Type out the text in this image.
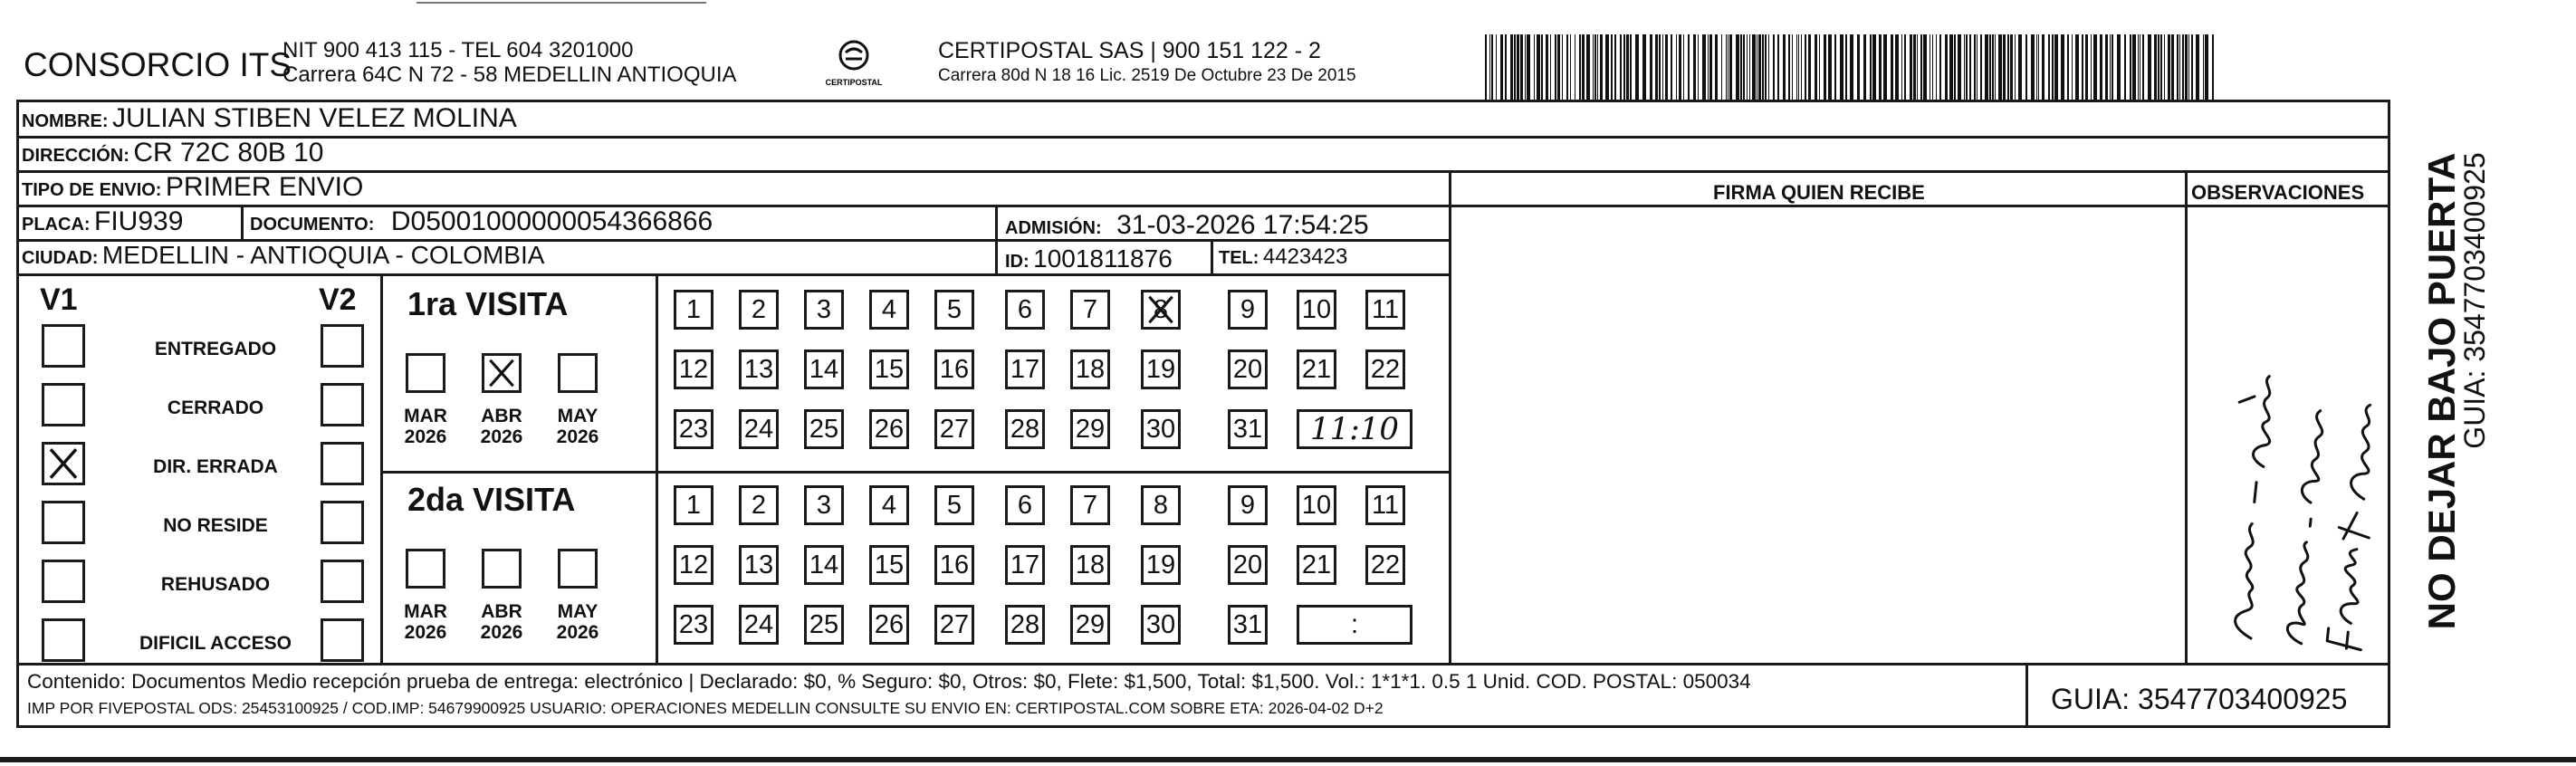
CONSORCIO ITS
NIT 900 413 115 - TEL 604 3201000
Carrera 64C N 72 - 58 MEDELLIN ANTIOQUIA	CERTIPOSTAL
CERTIPOSTAL SAS | 900 151 122 - 2
Carrera 80d N 18 16 Lic. 2519 De Octubre 23 De 2015
NOMBRE: JULIAN STIBEN VELEZ MOLINA
DIRECCIÓN: CR 72C 80B 10
TIPO DE ENVIO: PRIMER ENVIO
PLACA: FIU939	DOCUMENTO: D05001000000054366866	ADMISIÓN: 31-03-2026 17:54:25
CIUDAD: MEDELLIN - ANTIOQUIA - COLOMBIA	ID: 1001811876	TEL: 4423423
FIRMA QUIEN RECIBE	OBSERVACIONES
V1	V2
ENTREGADO
CERRADO
DIR. ERRADA
NO RESIDE
REHUSADO
DIFICIL ACCESO
1ra VISITA
MAR
2026
ABR
2026
MAY
2026
1	2	3	4	5	6	7	8	9	10 11
12 13 14 15 16 17 18 19 20 21 22
23 24 25 26 27 28 29 30 31	11:10
2da VISITA
MAR
2026
ABR
2026
MAY
2026
1	2	3	4	5	6	7	8	9	10 11
12 13 14 15 16 17 18 19 20 21 22
23 24 25 26 27 28 29 30 31	:
Contenido: Documentos Medio recepción prueba de entrega: electrónico | Declarado: $0, % Seguro: $0, Otros: $0, Flete: $1,500, Total: $1,500. Vol.: 1*1*1. 0.5 1 Unid. COD. POSTAL: 050034
IMP POR FIVEPOSTAL ODS: 25453100925 / COD.IMP: 54679900925 USUARIO: OPERACIONES MEDELLIN CONSULTE SU ENVIO EN: CERTIPOSTAL.COM SOBRE ETA: 2026-04-02 D+2	GUIA: 3547703400925
NO DEJAR BAJO PUERTA
GUIA: 3547703400925
